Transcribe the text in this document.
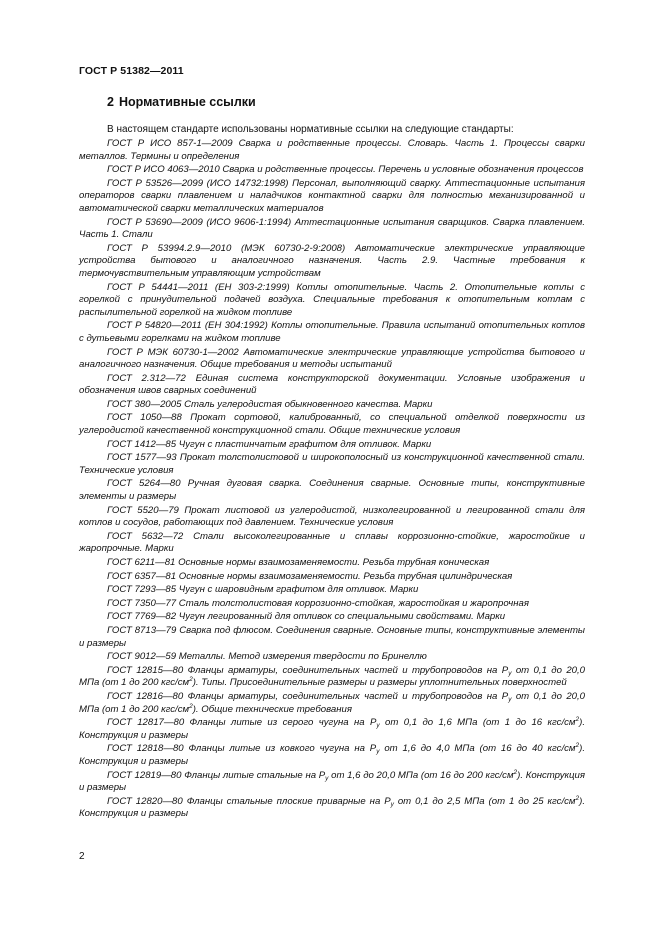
ГОСТ Р 51382—2011
2 Нормативные ссылки
В настоящем стандарте использованы нормативные ссылки на следующие стандарты:
ГОСТ Р ИСО 857-1—2009 Сварка и родственные процессы. Словарь. Часть 1. Процессы сварки металлов. Термины и определения
ГОСТ Р ИСО 4063—2010 Сварка и родственные процессы. Перечень и условные обозначения процессов
ГОСТ Р 53526—2099 (ИСО 14732:1998) Персонал, выполняющий сварку. Аттестационные испытания операторов сварки плавлением и наладчиков контактной сварки для полностью механизированной и автоматической сварки металлических материалов
ГОСТ Р 53690—2009 (ИСО 9606-1:1994) Аттестационные испытания сварщиков. Сварка плавлением. Часть 1. Стали
ГОСТ Р 53994.2.9—2010 (МЭК 60730-2-9:2008) Автоматические электрические управляющие устройства бытового и аналогичного назначения. Часть 2.9. Частные требования к термочувствительным управляющим устройствам
ГОСТ Р 54441—2011 (ЕН 303-2:1999) Котлы отопительные. Часть 2. Отопительные котлы с горелкой с принудительной подачей воздуха. Специальные требования к отопительным котлам с распылительной горелкой на жидком топливе
ГОСТ Р 54820—2011 (ЕН 304:1992) Котлы отопительные. Правила испытаний отопительных котлов с дутьевыми горелками на жидком топливе
ГОСТ Р МЭК 60730-1—2002 Автоматические электрические управляющие устройства бытового и аналогичного назначения. Общие требования и методы испытаний
ГОСТ 2.312—72 Единая система конструкторской документации. Условные изображения и обозначения швов сварных соединений
ГОСТ 380—2005 Сталь углеродистая обыкновенного качества. Марки
ГОСТ 1050—88 Прокат сортовой, калиброванный, со специальной отделкой поверхности из углеродистой качественной конструкционной стали. Общие технические условия
ГОСТ 1412—85 Чугун с пластинчатым графитом для отливок. Марки
ГОСТ 1577—93 Прокат толстолистовой и широкополосный из конструкционной качественной стали. Технические условия
ГОСТ 5264—80 Ручная дуговая сварка. Соединения сварные. Основные типы, конструктивные элементы и размеры
ГОСТ 5520—79 Прокат листовой из углеродистой, низколегированной и легированной стали для котлов и сосудов, работающих под давлением. Технические условия
ГОСТ 5632—72 Стали высоколегированные и сплавы коррозионно-стойкие, жаростойкие и жаропрочные. Марки
ГОСТ 6211—81 Основные нормы взаимозаменяемости. Резьба трубная коническая
ГОСТ 6357—81 Основные нормы взаимозаменяемости. Резьба трубная цилиндрическая
ГОСТ 7293—85 Чугун с шаровидным графитом для отливок. Марки
ГОСТ 7350—77 Сталь толстолистовая коррозионно-стойкая, жаростойкая и жаропрочная
ГОСТ 7769—82 Чугун легированный для отливок со специальными свойствами. Марки
ГОСТ 8713—79 Сварка под флюсом. Соединения сварные. Основные типы, конструктивные элементы и размеры
ГОСТ 9012—59 Металлы. Метод измерения твердости по Бринеллю
ГОСТ 12815—80 Фланцы арматуры, соединительных частей и трубопроводов на $P_у$ от 0,1 до 20,0 МПа (от 1 до 200 кгс/$см^2$). Типы. Присоединительные размеры и размеры уплотнительных поверхностей
ГОСТ 12816—80 Фланцы арматуры, соединительных частей и трубопроводов на $P_у$ от 0,1 до 20,0 МПа (от 1 до 200 кгс/$см^2$). Общие технические требования
ГОСТ 12817—80 Фланцы литые из серого чугуна на $P_у$ от 0,1 до 1,6 МПа (от 1 до 16 кгс/$см^2$). Конструкция и размеры
ГОСТ 12818—80 Фланцы литые из ковкого чугуна на $P_у$ от 1,6 до 4,0 МПа (от 16 до 40 кгс/$см^2$). Конструкция и размеры
ГОСТ 12819—80 Фланцы литые стальные на $P_у$ от 1,6 до 20,0 МПа (от 16 до 200 кгс/$см^2$). Конструкция и размеры
ГОСТ 12820—80 Фланцы стальные плоские приварные на $P_у$ от 0,1 до 2,5 МПа (от 1 до 25 кгс/$см^2$). Конструкция и размеры
2
